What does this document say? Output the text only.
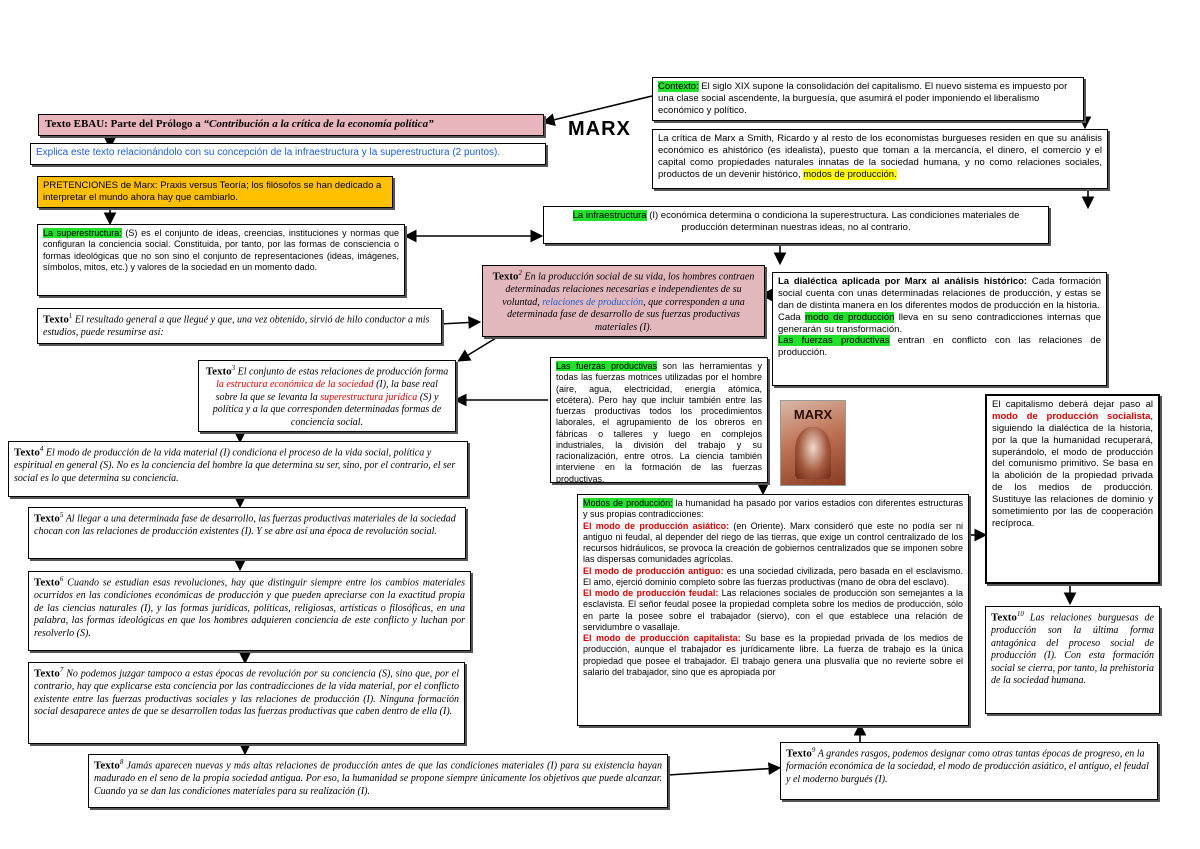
Texto EBAU: Parte del Prólogo a “Contribución a la crítica de la economía política”	MARX
Explica este texto relacionándolo con su concepción de la infraestructura y la superestructura (2 puntos).
PRETENCIONES de Marx: Praxis versus Teoría; los filósofos se han dedicado a interpretar el mundo ahora hay que cambiarlo.
La superestructura: (S) es el conjunto de ideas, creencias, instituciones y normas que configuran la conciencia social. Constituida, por tanto, por las formas de consciencia o formas ideológicas que no son sino el conjunto de representaciones (ideas, imágenes, símbolos, mitos, etc.) y valores de la sociedad en un momento dado.
Contexto: El siglo XIX supone la consolidación del capitalismo. El nuevo sistema es impuesto por una clase social ascendente, la burguesía, que asumirá el poder imponiendo el liberalismo económico y político.
La crítica de Marx a Smith, Ricardo y al resto de los economistas burgueses residen en que su análisis económico es ahistórico (es idealista), puesto que toman a la mercancía, el dinero, el comercio y el capital como propiedades naturales innatas de la sociedad humana, y no como relaciones sociales, productos de un devenir histórico, modos de producción.
La infraestructura (I) económica determina o condiciona la superestructura. Las condiciones materiales de producción determinan nuestras ideas, no al contrario.
Texto$^1$ El resultado general a que llegué y que, una vez obtenido, sirvió de hilo conductor a mis estudios, puede resumirse así:
Texto$^2$ En la producción social de su vida, los hombres contraen determinadas relaciones necesarias e independientes de su voluntad, relaciones de producción, que corresponden a una determinada fase de desarrollo de sus fuerzas productivas materiales (I).
La dialéctica aplicada por Marx al análisis histórico: Cada formación social cuenta con unas determinadas relaciones de producción, y estas se dan de distinta manera en los diferentes modos de producción en la historia.
Cada modo de producción lleva en su seno contradicciones internas que generarán su transformación.
Las fuerzas productivas entran en conflicto con las relaciones de producción.
Texto$^3$ El conjunto de estas relaciones de producción forma la estructura económica de la sociedad (I), la base real sobre la que se levanta la superestructura jurídica (S) y política y a la que corresponden determinadas formas de conciencia social.
Las fuerzas productivas son las herramientas y todas las fuerzas motrices utilizadas por el hombre (aire, agua, electricidad, energía atómica, etcétera). Pero hay que incluir también entre las fuerzas productivas todos los procedimientos laborales, el agrupamiento de los obreros en fábricas o talleres y luego en complejos industriales, la división del trabajo y su racionalización, entre otros. La ciencia también interviene en la formación de las fuerzas productivas.
MARX
Texto$^4$ El modo de producción de la vida material (I) condiciona el proceso de la vida social, política y espiritual en general (S). No es la conciencia del hombre la que determina su ser, sino, por el contrario, el ser social es lo que determina su conciencia.
Texto$^5$ Al llegar a una determinada fase de desarrollo, las fuerzas productivas materiales de la sociedad chocan con las relaciones de producción existentes (I). Y se abre así una época de revolución social.
Texto$^6$ Cuando se estudian esas revoluciones, hay que distinguir siempre entre los cambios materiales ocurridos en las condiciones económicas de producción y que pueden apreciarse con la exactitud propia de las ciencias naturales (I), y las formas jurídicas, políticas, religiosas, artísticas o filosóficas, en una palabra, las formas ideológicas en que los hombres adquieren conciencia de este conflicto y luchan por resolverlo (S).
Texto$^7$ No podemos juzgar tampoco a estas épocas de revolución por su conciencia (S), sino que, por el contrario, hay que explicarse esta conciencia por las contradicciones de la vida material, por el conflicto existente entre las fuerzas productivas sociales y las relaciones de producción (I). Ninguna formación social desaparece antes de que se desarrollen todas las fuerzas productivas que caben dentro de ella (I).
Modos de producción: la humanidad ha pasado por varios estadios con diferentes estructuras y sus propias contradicciones:
El modo de producción asiático: (en Oriente). Marx consideró que este no podía ser ni antiguo ni feudal, al depender del riego de las tierras, que exige un control centralizado de los recursos hidráulicos, se provoca la creación de gobiernos centralizados que se imponen sobre las dispersas comunidades agrícolas.
El modo de producción antiguo: es una sociedad civilizada, pero basada en el esclavismo. El amo, ejerció dominio completo sobre las fuerzas productivas (mano de obra del esclavo).
El modo de producción feudal: Las relaciones sociales de producción son semejantes a la esclavista. El señor feudal posee la propiedad completa sobre los medios de producción, sólo en parte la posee sobre el trabajador (siervo), con el que establece una relación de servidumbre o vasallaje.
El modo de producción capitalista: Su base es la propiedad privada de los medios de producción, aunque el trabajador es jurídicamente libre. La fuerza de trabajo es la única propiedad que posee el trabajador. El trabajo genera una plusvalía que no revierte sobre el salario del trabajador, sino que es apropiada por
El capitalismo deberá dejar paso al modo de producción socialista, siguiendo la dialéctica de la historia, por la que la humanidad recuperará, superándolo, el modo de producción del comunismo primitivo. Se basa en la abolición de la propiedad privada de los medios de producción. Sustituye las relaciones de dominio y sometimiento por las de cooperación recíproca.
Texto$^{10}$ Las relaciones burguesas de producción son la última forma antagónica del proceso social de producción (I). Con esta formación social se cierra, por tanto, la prehistoria de la sociedad humana.
Texto$^8$ Jamás aparecen nuevas y más altas relaciones de producción antes de que las condiciones materiales (I) para su existencia hayan madurado en el seno de la propia sociedad antigua. Por eso, la humanidad se propone siempre únicamente los objetivos que puede alcanzar. Cuando ya se dan las condiciones materiales para su realización (I).
Texto$^9$ A grandes rasgos, podemos designar como otras tantas épocas de progreso, en la formación económica de la sociedad, el modo de producción asiático, el antiguo, el feudal y el moderno burgués (I).
